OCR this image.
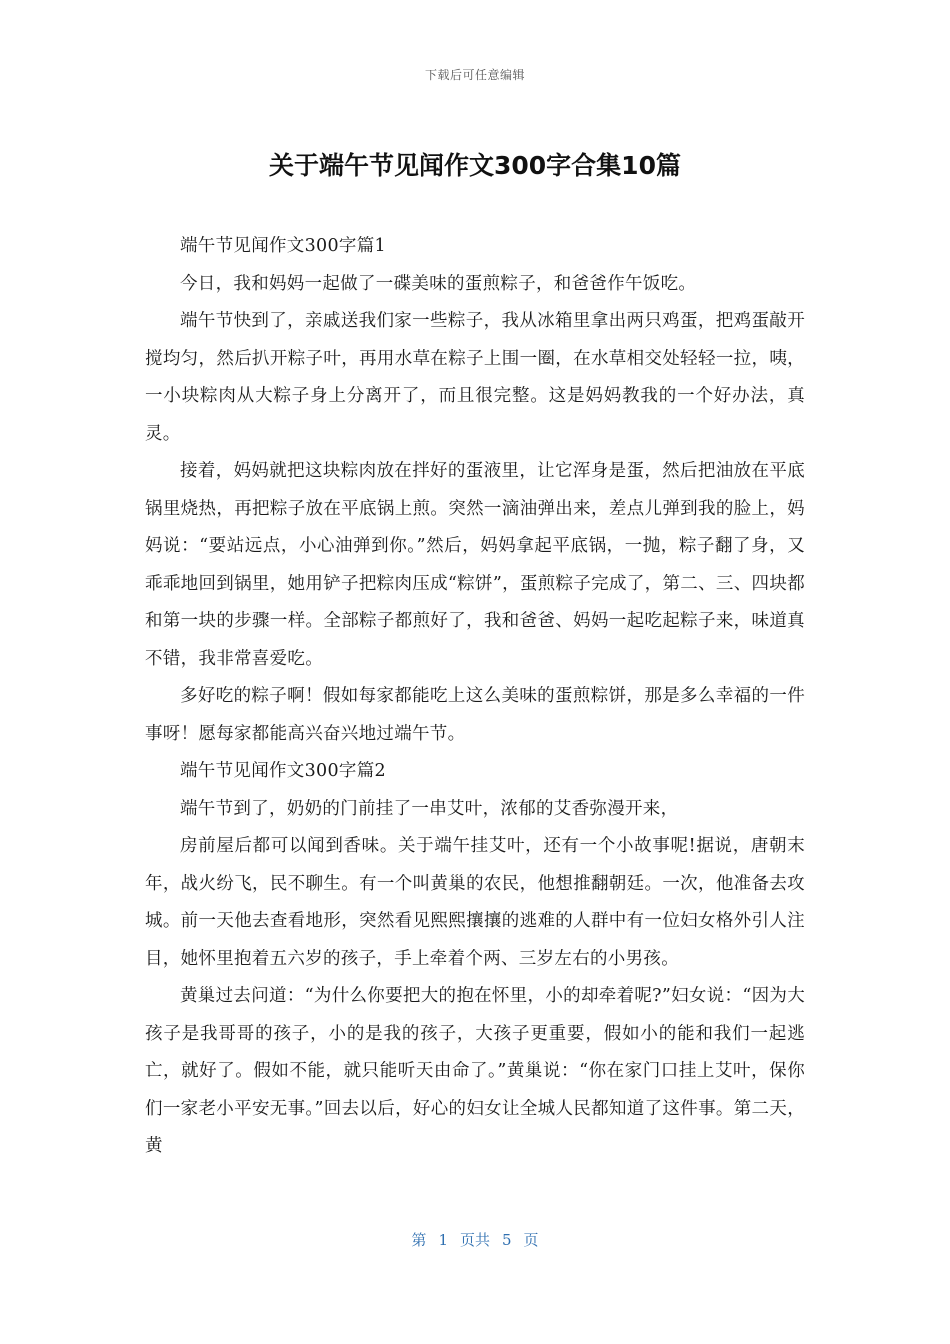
下载后可任意编辑
关于端午节见闻作文300字合集10篇

端午节见闻作文300字篇1

今日，我和妈妈一起做了一碟美味的蛋煎粽子，和爸爸作午饭吃。

端午节快到了，亲戚送我们家一些粽子，我从冰箱里拿出两只鸡蛋，把鸡蛋敲开搅均匀，然后扒开粽子叶，再用水草在粽子上围一圈，在水草相交处轻轻一拉，咦，一小块粽肉从大粽子身上分离开了，而且很完整。这是妈妈教我的一个好办法，真灵。

接着，妈妈就把这块粽肉放在拌好的蛋液里，让它浑身是蛋，然后把油放在平底锅里烧热，再把粽子放在平底锅上煎。突然一滴油弹出来，差点儿弹到我的脸上，妈妈说：“要站远点，小心油弹到你。”然后，妈妈拿起平底锅，一抛，粽子翻了身，又乖乖地回到锅里，她用铲子把粽肉压成“粽饼”，蛋煎粽子完成了，第二、三、四块都和第一块的步骤一样。全部粽子都煎好了，我和爸爸、妈妈一起吃起粽子来，味道真不错，我非常喜爱吃。

多好吃的粽子啊！假如每家都能吃上这么美味的蛋煎粽饼，那是多么幸福的一件事呀！愿每家都能高兴奋兴地过端午节。

端午节见闻作文300字篇2

端午节到了，奶奶的门前挂了一串艾叶，浓郁的艾香弥漫开来，

房前屋后都可以闻到香味。关于端午挂艾叶，还有一个小故事呢!据说，唐朝末年，战火纷飞，民不聊生。有一个叫黄巢的农民，他想推翻朝廷。一次，他准备去攻城。前一天他去查看地形，突然看见熙熙攘攘的逃难的人群中有一位妇女格外引人注目，她怀里抱着五六岁的孩子，手上牵着个两、三岁左右的小男孩。

黄巢过去问道：“为什么你要把大的抱在怀里，小的却牵着呢?”妇女说：“因为大孩子是我哥哥的孩子，小的是我的孩子，大孩子更重要，假如小的能和我们一起逃亡，就好了。假如不能，就只能听天由命了。”黄巢说：“你在家门口挂上艾叶，保你们一家老小平安无事。”回去以后，好心的妇女让全城人民都知道了这件事。第二天，黄

第 1 页共 5 页
